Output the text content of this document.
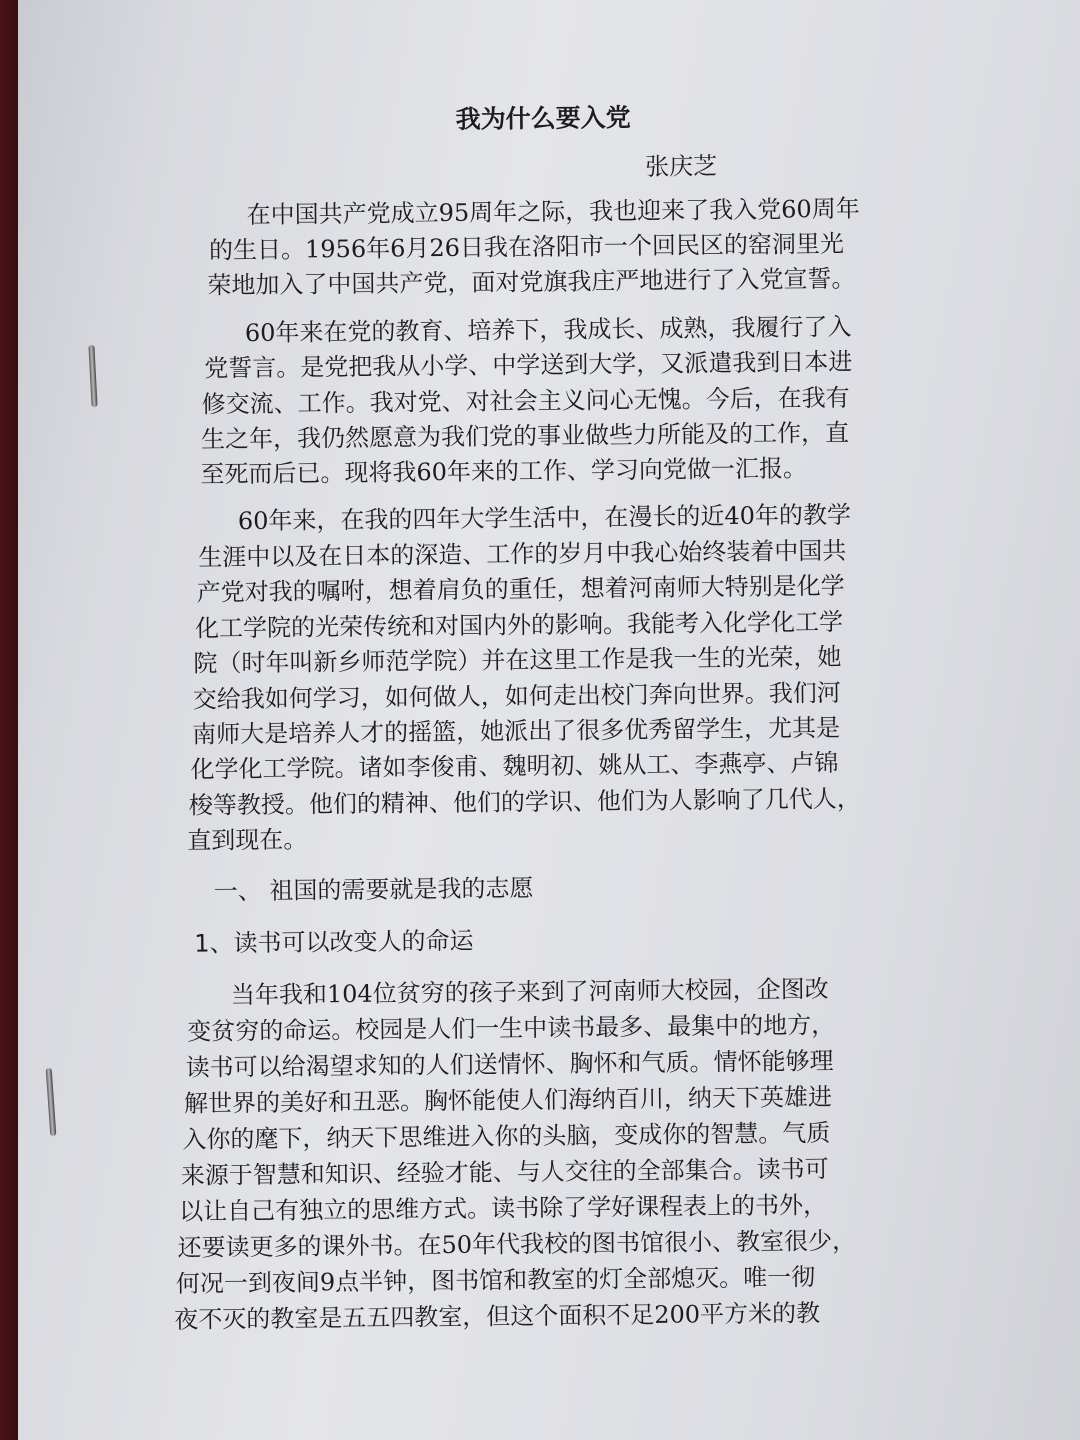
我为什么要入党
张庆芝
在中国共产党成立95周年之际，我也迎来了我入党60周年
的生日。1956年6月26日我在洛阳市一个回民区的窑洞里光
荣地加入了中国共产党，面对党旗我庄严地进行了入党宣誓。
60年来在党的教育、培养下，我成长、成熟，我履行了入
党誓言。是党把我从小学、中学送到大学，又派遣我到日本进
修交流、工作。我对党、对社会主义问心无愧。今后，在我有
生之年，我仍然愿意为我们党的事业做些力所能及的工作，直
至死而后已。现将我60年来的工作、学习向党做一汇报。
60年来，在我的四年大学生活中，在漫长的近40年的教学
生涯中以及在日本的深造、工作的岁月中我心始终装着中国共
产党对我的嘱咐，想着肩负的重任，想着河南师大特别是化学
化工学院的光荣传统和对国内外的影响。我能考入化学化工学
院（时年叫新乡师范学院）并在这里工作是我一生的光荣，她
交给我如何学习，如何做人，如何走出校门奔向世界。我们河
南师大是培养人才的摇篮，她派出了很多优秀留学生，尤其是
化学化工学院。诸如李俊甫、魏明初、姚从工、李燕亭、卢锦
梭等教授。他们的精神、他们的学识、他们为人影响了几代人，
直到现在。
一、 祖国的需要就是我的志愿
1、读书可以改变人的命运
当年我和104位贫穷的孩子来到了河南师大校园，企图改
变贫穷的命运。校园是人们一生中读书最多、最集中的地方，
读书可以给渴望求知的人们送情怀、胸怀和气质。情怀能够理
解世界的美好和丑恶。胸怀能使人们海纳百川，纳天下英雄进
入你的麾下，纳天下思维进入你的头脑，变成你的智慧。气质
来源于智慧和知识、经验才能、与人交往的全部集合。读书可
以让自己有独立的思维方式。读书除了学好课程表上的书外，
还要读更多的课外书。在50年代我校的图书馆很小、教室很少，
何况一到夜间9点半钟，图书馆和教室的灯全部熄灭。唯一彻
夜不灭的教室是五五四教室，但这个面积不足200平方米的教
